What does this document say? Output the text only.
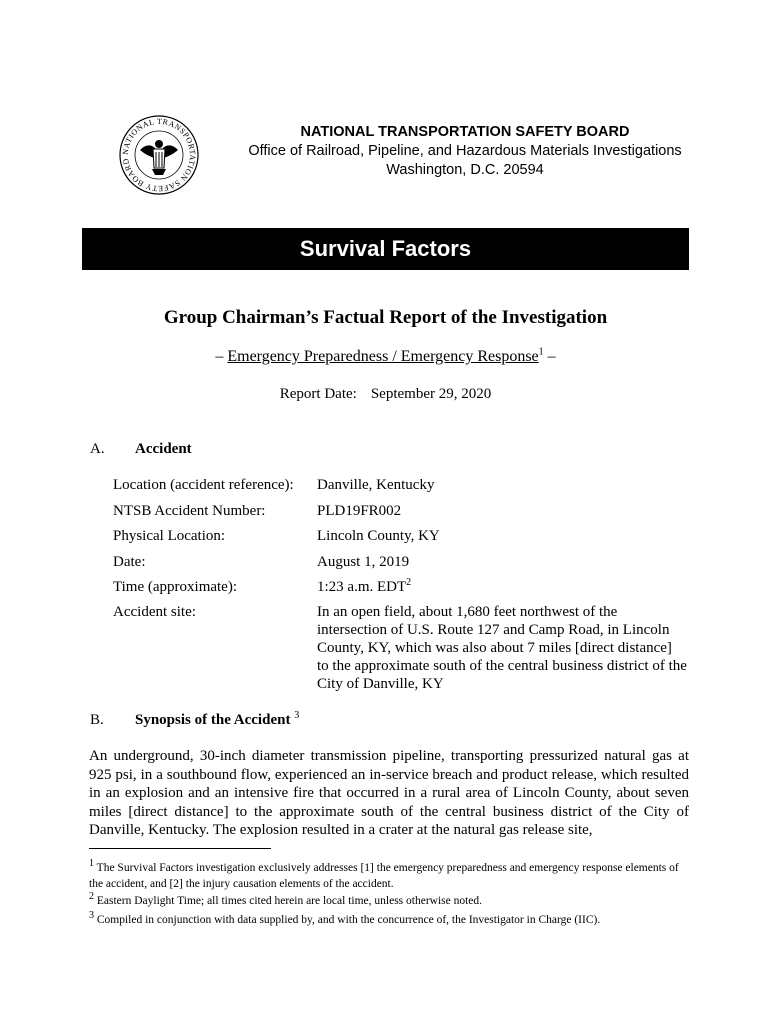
NATIONAL TRANSPORTATION SAFETY BOARD
NATIONAL TRANSPORTATION SAFETY BOARD
Office of Railroad, Pipeline, and Hazardous Materials Investigations
Washington, D.C. 20594
Survival Factors
Group Chairman’s Factual Report of the Investigation
– Emergency Preparedness / Emergency Response$^1$ –
Report Date: September 29, 2020
A. Accident
Location (accident reference): Danville, Kentucky
NTSB Accident Number:	PLD19FR002
Physical Location:	Lincoln County, KY
Date:	August 1, 2019
Time (approximate):	1:23 a.m. EDT$^2$
Accident site:	In an open field, about 1,680 feet northwest of the intersection of U.S. Route 127 and Camp Road, in Lincoln County, KY, which was also about 7 miles [direct distance] to the approximate south of the central business district of the City of Danville, KY
B. Synopsis of the Accident $^3$
An underground, 30-inch diameter transmission pipeline, transporting pressurized natural gas at 925 psi, in a southbound flow, experienced an in-service breach and product release, which resulted in an explosion and an intensive fire that occurred in a rural area of Lincoln County, about seven miles [direct distance] to the approximate south of the central business district of the City of Danville, Kentucky. The explosion resulted in a crater at the natural gas release site,
$^1$ The Survival Factors investigation exclusively addresses [1] the emergency preparedness and emergency response elements of the accident, and [2] the injury causation elements of the accident.
$^2$ Eastern Daylight Time; all times cited herein are local time, unless otherwise noted.
$^3$ Compiled in conjunction with data supplied by, and with the concurrence of, the Investigator in Charge (IIC).
